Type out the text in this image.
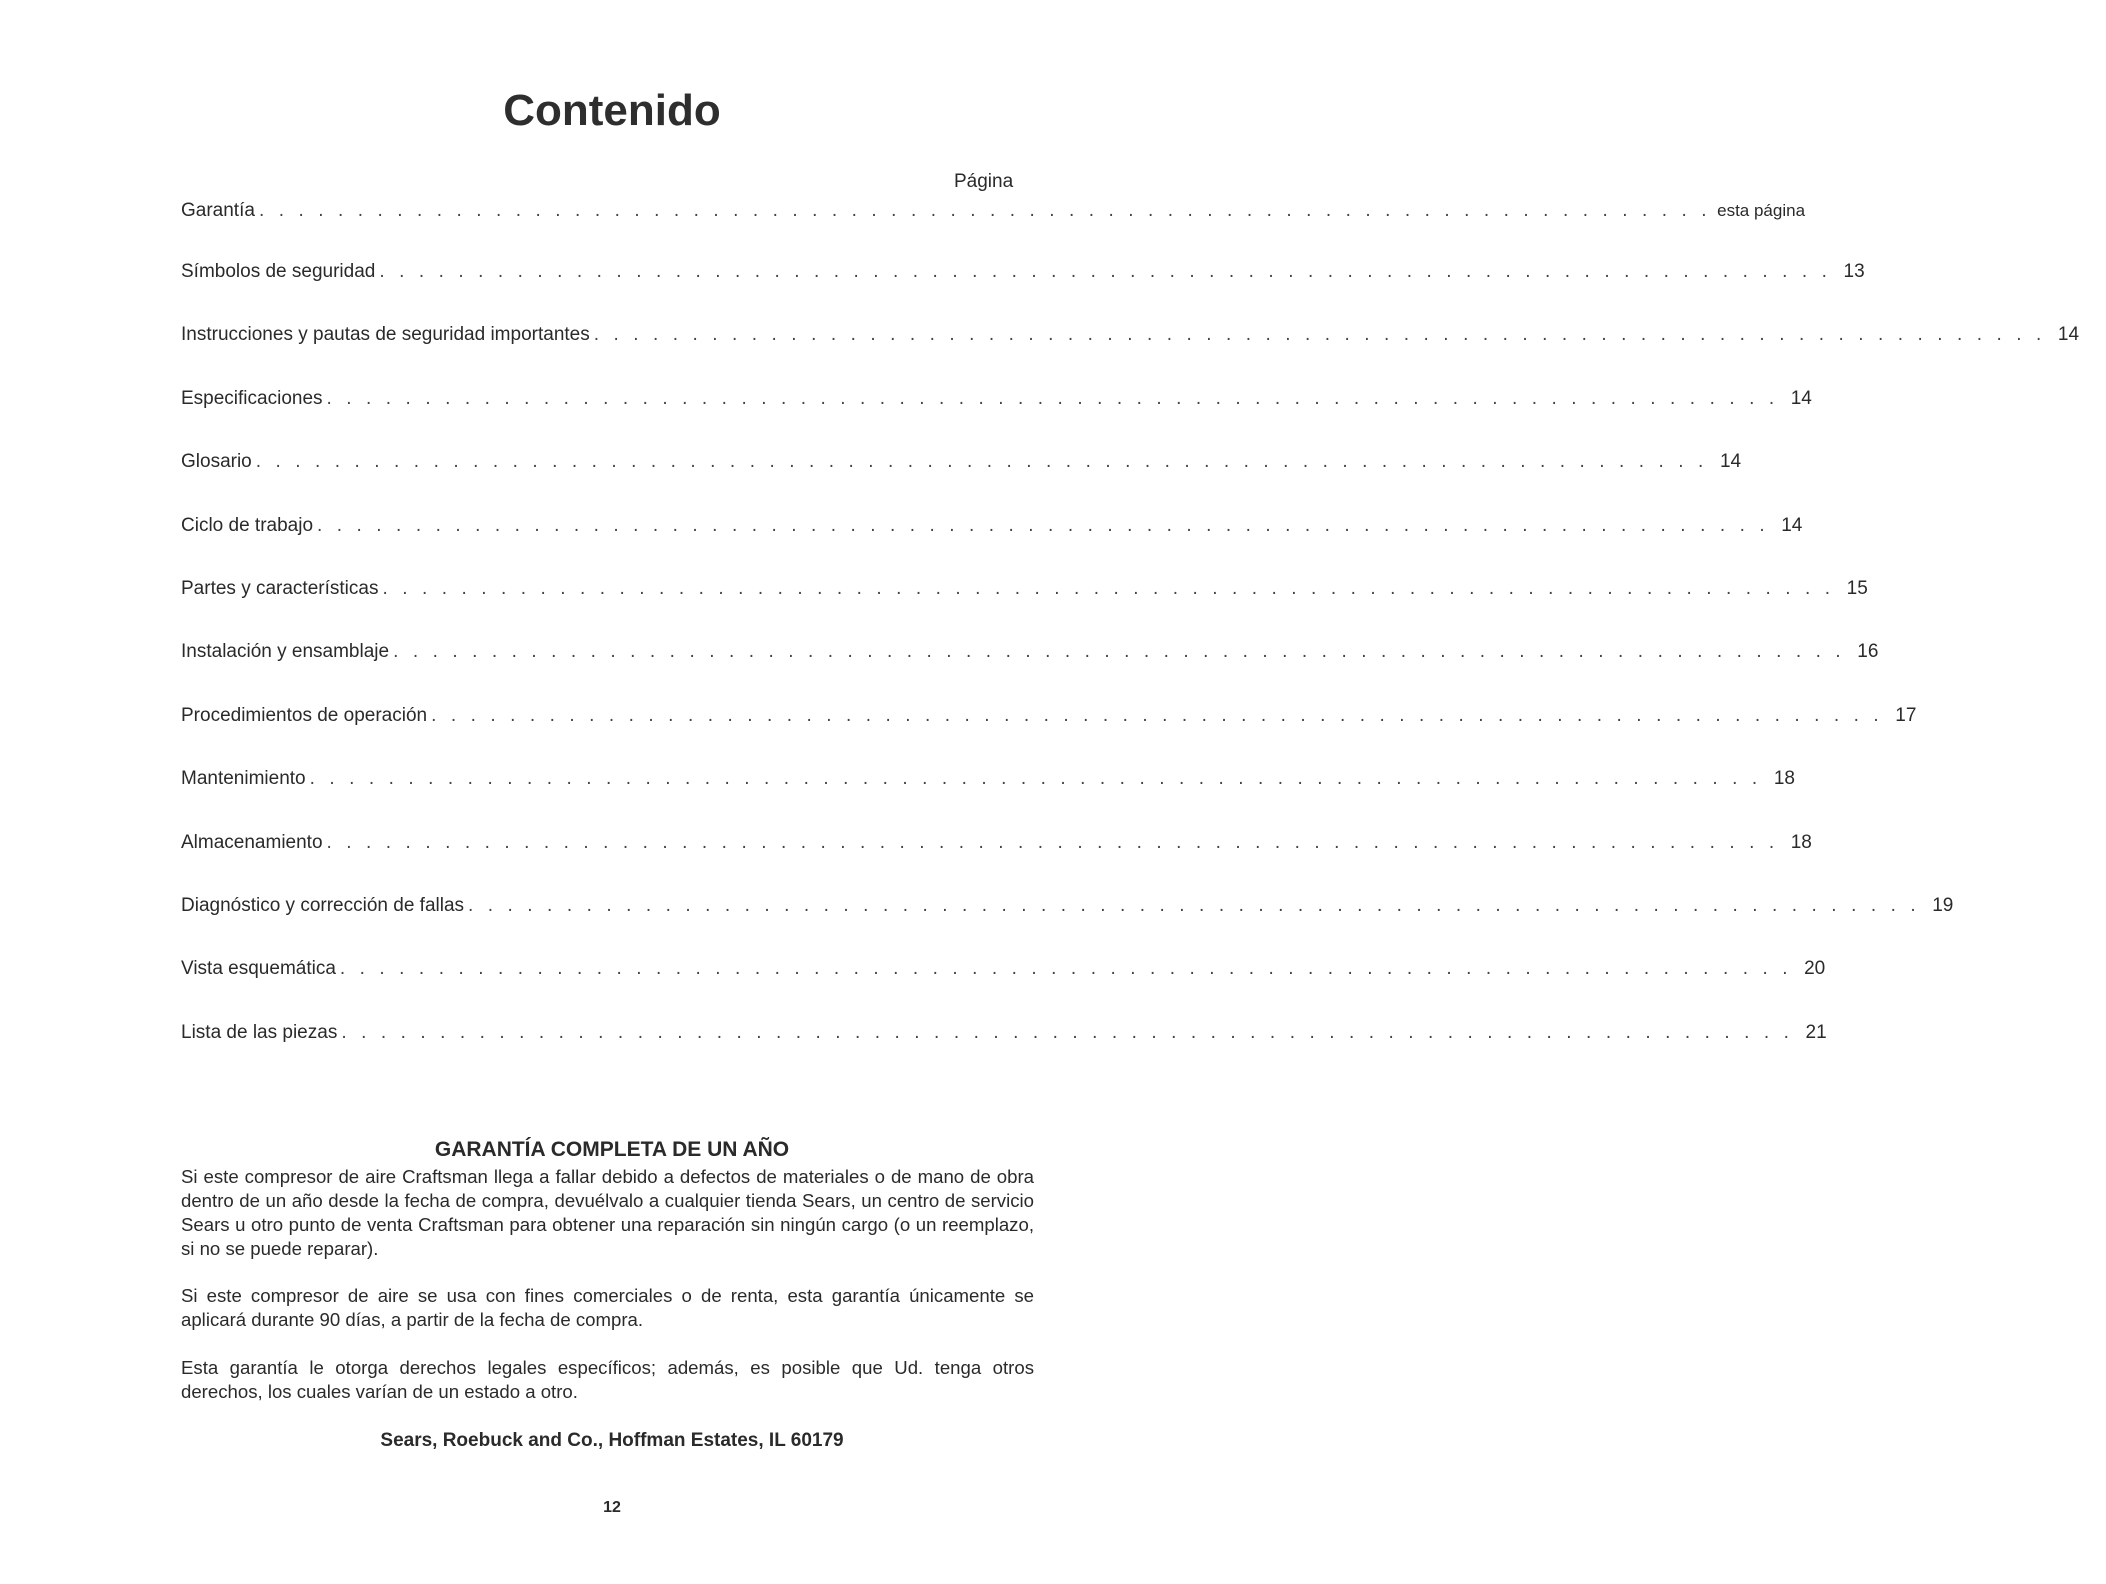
Contenido
Página
Garantía . . . . . . . . . . . . . . . . . . . . . . . . . . . . . . . . . . . . . . . . . . . . . . . . . . . . . . . . . . . . . . . . . . . . . . . . . . esta página
Símbolos de seguridad . . . . . . . . . . . . . . . . . . . . . . . . . . . . . . . . . . . . . . . . . . . . . . . . . . . . . . . . . . . . . . . . . . . . . . . . . . 13
Instrucciones y pautas de seguridad importantes . . . . . . . . . . . . . . . . . . . . . . . . . . . . . . . . . . . . . . . . . . . . . . . . . . . . . . . . . . . . . . . . . . . . . . . . . . 14
Especificaciones . . . . . . . . . . . . . . . . . . . . . . . . . . . . . . . . . . . . . . . . . . . . . . . . . . . . . . . . . . . . . . . . . . . . . . . . . . 14
Glosario . . . . . . . . . . . . . . . . . . . . . . . . . . . . . . . . . . . . . . . . . . . . . . . . . . . . . . . . . . . . . . . . . . . . . . . . . . 14
Ciclo de trabajo . . . . . . . . . . . . . . . . . . . . . . . . . . . . . . . . . . . . . . . . . . . . . . . . . . . . . . . . . . . . . . . . . . . . . . . . . . 14
Partes y características . . . . . . . . . . . . . . . . . . . . . . . . . . . . . . . . . . . . . . . . . . . . . . . . . . . . . . . . . . . . . . . . . . . . . . . . . . 15
Instalación y ensamblaje . . . . . . . . . . . . . . . . . . . . . . . . . . . . . . . . . . . . . . . . . . . . . . . . . . . . . . . . . . . . . . . . . . . . . . . . . . 16
Procedimientos de operación . . . . . . . . . . . . . . . . . . . . . . . . . . . . . . . . . . . . . . . . . . . . . . . . . . . . . . . . . . . . . . . . . . . . . . . . . . 17
Mantenimiento . . . . . . . . . . . . . . . . . . . . . . . . . . . . . . . . . . . . . . . . . . . . . . . . . . . . . . . . . . . . . . . . . . . . . . . . . . 18
Almacenamiento . . . . . . . . . . . . . . . . . . . . . . . . . . . . . . . . . . . . . . . . . . . . . . . . . . . . . . . . . . . . . . . . . . . . . . . . . . 18
Diagnóstico y corrección de fallas . . . . . . . . . . . . . . . . . . . . . . . . . . . . . . . . . . . . . . . . . . . . . . . . . . . . . . . . . . . . . . . . . . . . . . . . . . 19
Vista esquemática . . . . . . . . . . . . . . . . . . . . . . . . . . . . . . . . . . . . . . . . . . . . . . . . . . . . . . . . . . . . . . . . . . . . . . . . . . 20
Lista de las piezas . . . . . . . . . . . . . . . . . . . . . . . . . . . . . . . . . . . . . . . . . . . . . . . . . . . . . . . . . . . . . . . . . . . . . . . . . . 21
GARANTÍA COMPLETA DE UN AÑO

Si este compresor de aire Craftsman llega a fallar debido a defectos de materiales o de mano de obra dentro de un año desde la fecha de compra, devuélvalo a cualquier tienda Sears, un centro de servicio Sears u otro punto de venta Craftsman para obtener una reparación sin ningún cargo (o un reemplazo, si no se puede reparar).

Si este compresor de aire se usa con fines comerciales o de renta, esta garantía únicamente se aplicará durante 90 días, a partir de la fecha de compra.

Esta garantía le otorga derechos legales específicos; además, es posible que Ud. tenga otros derechos, los cuales varían de un estado a otro.

Sears, Roebuck and Co., Hoffman Estates, IL 60179

12
